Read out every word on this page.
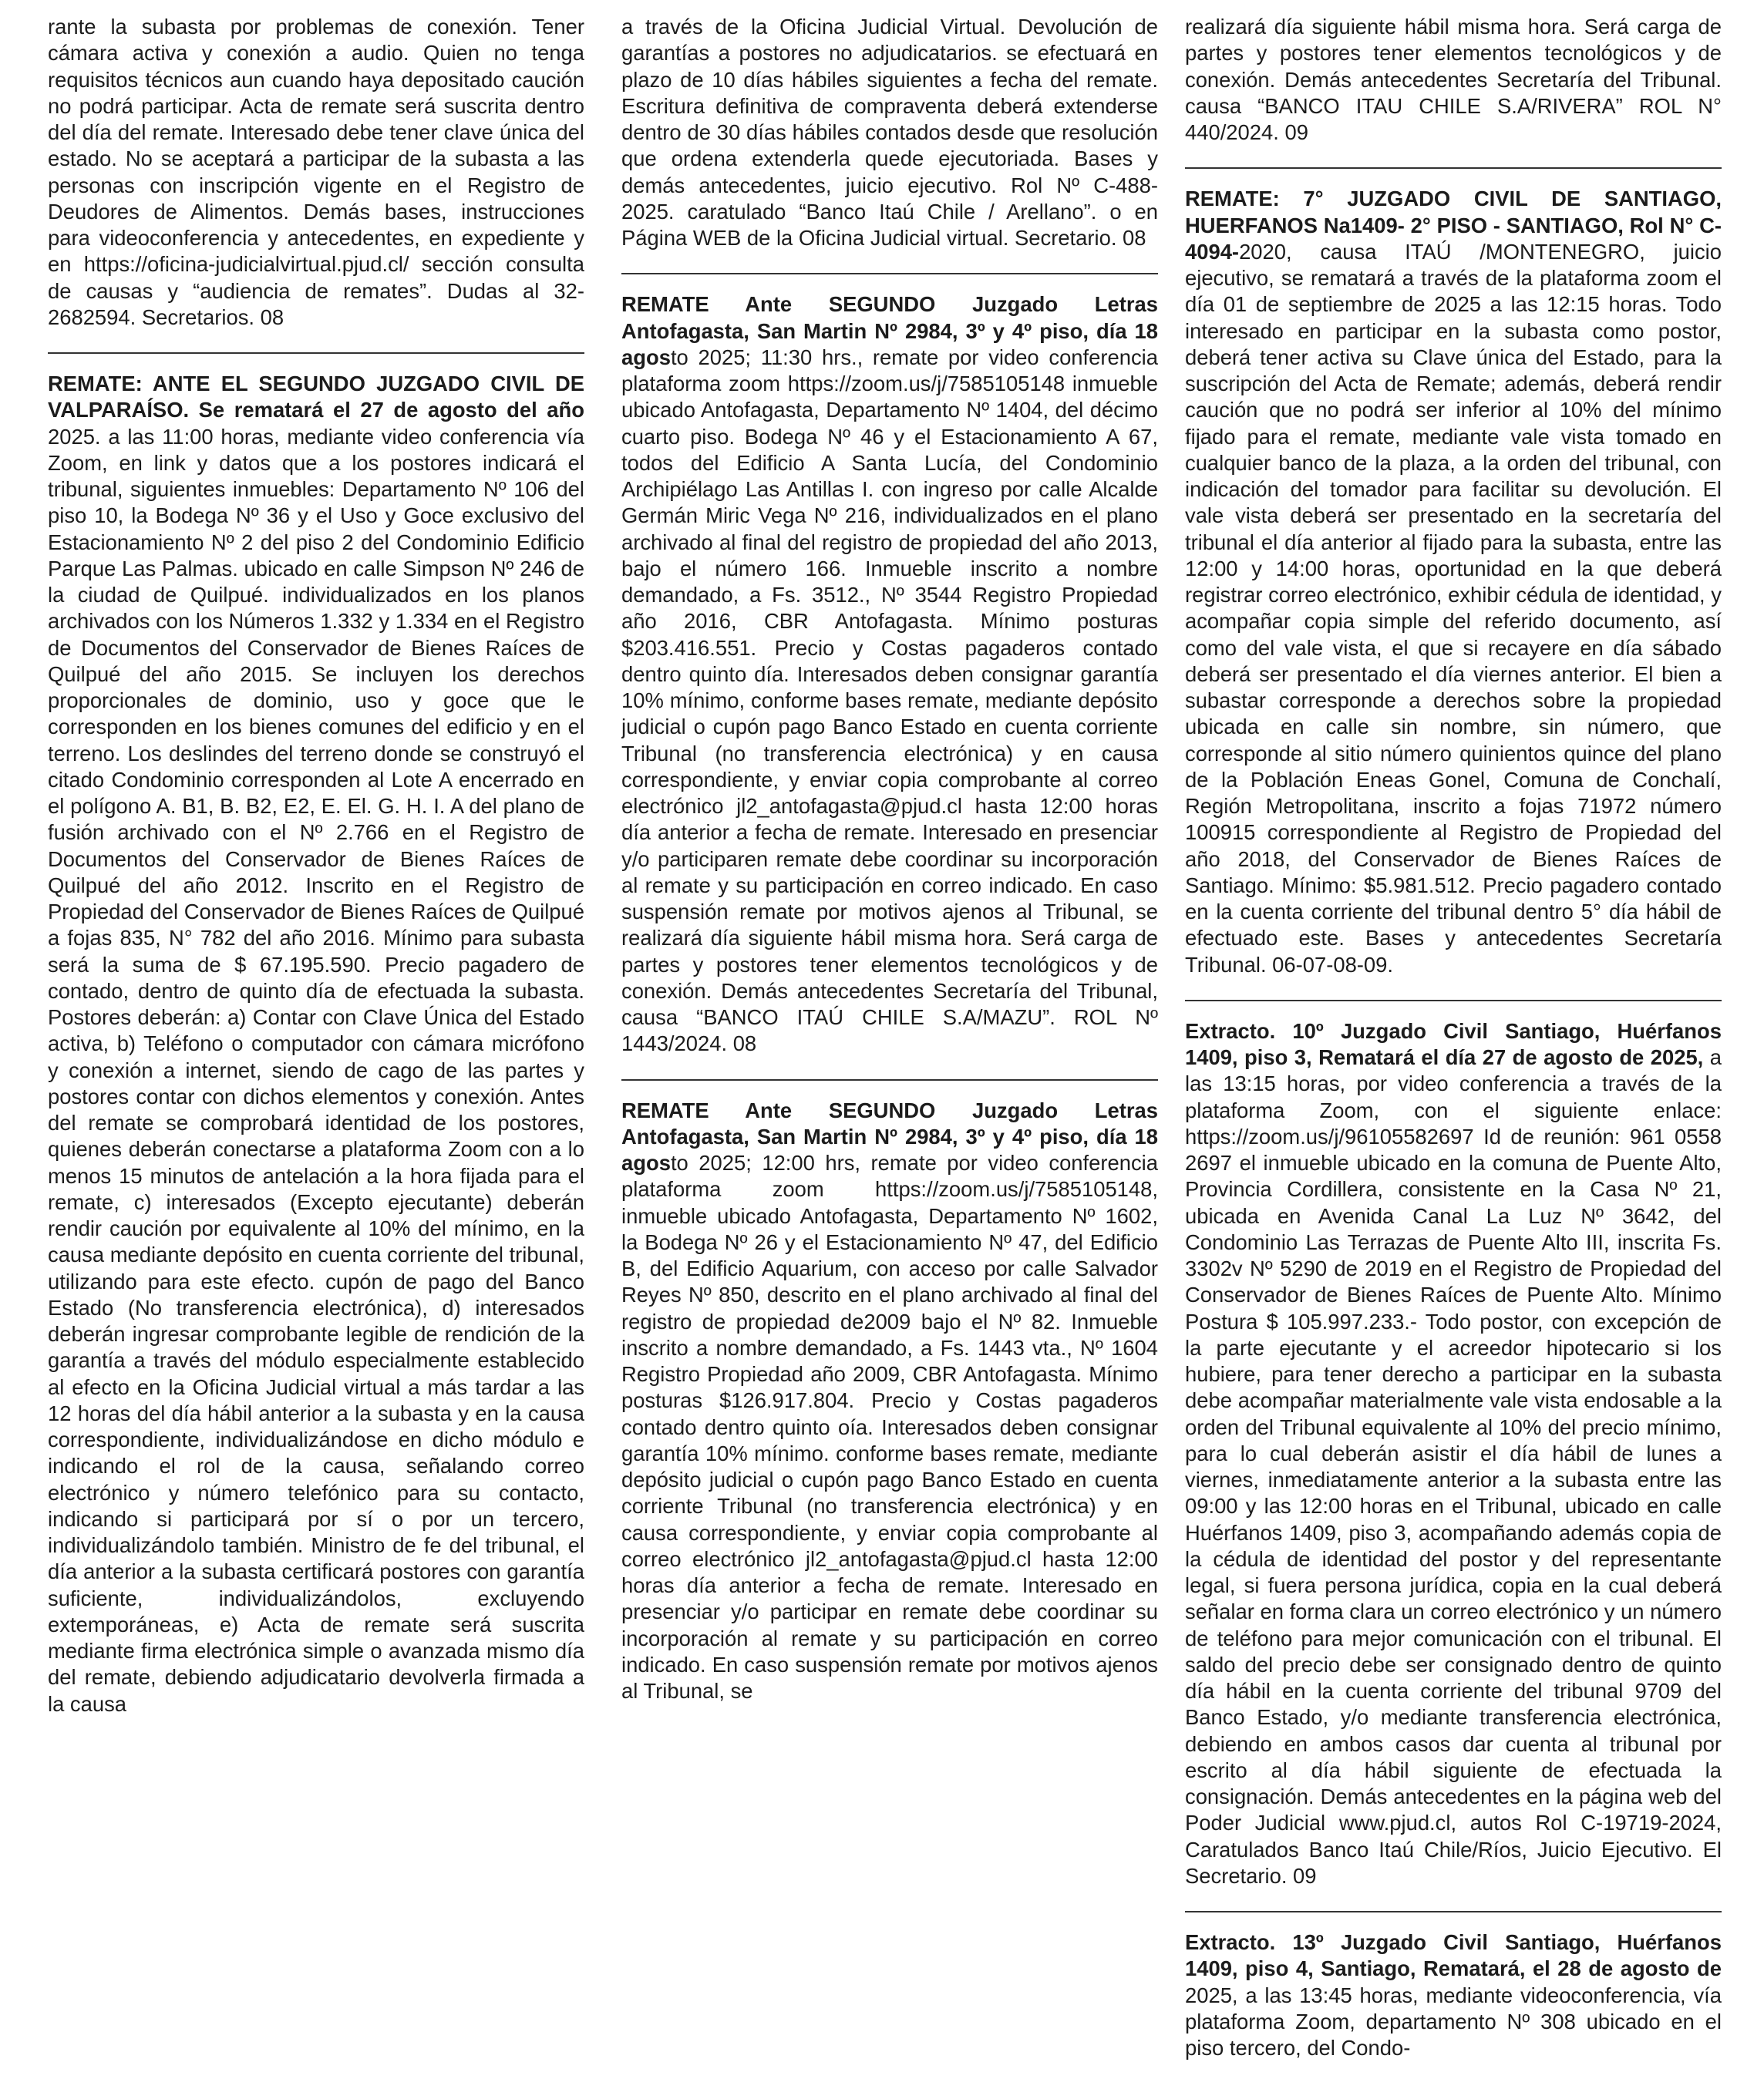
rante la subasta por problemas de conexión. Tener cámara activa y conexión a audio. Quien no tenga requisitos técnicos aun cuando haya depositado caución no podrá participar. Acta de remate será suscrita dentro del día del remate. Interesado debe tener clave única del estado. No se aceptará a participar de la subasta a las personas con inscripción vigente en el Registro de Deudores de Alimentos. Demás bases, instrucciones para videoconferencia y antecedentes, en expediente y en https://oficina-judicialvirtual.pjud.cl/ sección consulta de causas y “audiencia de remates”. Dudas al 32-2682594. Secretarios. 08

REMATE: ANTE EL SEGUNDO JUZGADO CIVIL DE VALPARAÍSO. Se rematará el 27 de agosto del año 2025. a las 11:00 horas, mediante video conferencia vía Zoom, en link y datos que a los postores indicará el tribunal, siguientes inmuebles: Departamento Nº 106 del piso 10, la Bodega Nº 36 y el Uso y Goce exclusivo del Estacionamiento Nº 2 del piso 2 del Condominio Edificio Parque Las Palmas. ubicado en calle Simpson Nº 246 de la ciudad de Quilpué. individualizados en los planos archivados con los Números 1.332 y 1.334 en el Registro de Documentos del Conservador de Bienes Raíces de Quilpué del año 2015. Se incluyen los derechos proporcionales de dominio, uso y goce que le corresponden en los bienes comunes del edificio y en el terreno. Los deslindes del terreno donde se construyó el citado Condominio corresponden al Lote A encerrado en el polígono A. B1, B. B2, E2, E. El. G. H. I. A del plano de fusión archivado con el Nº 2.766 en el Registro de Documentos del Conservador de Bienes Raíces de Quilpué del año 2012. Inscrito en el Registro de Propiedad del Conservador de Bienes Raíces de Quilpué a fojas 835, N° 782 del año 2016. Mínimo para subasta será la suma de $ 67.195.590. Precio pagadero de contado, dentro de quinto día de efectuada la subasta. Postores deberán: a) Contar con Clave Única del Estado activa, b) Teléfono o computador con cámara micrófono y conexión a internet, siendo de cago de las partes y postores contar con dichos elementos y conexión. Antes del remate se comprobará identidad de los postores, quienes deberán conectarse a plataforma Zoom con a lo menos 15 minutos de antelación a la hora fijada para el remate, c) interesados (Excepto ejecutante) deberán rendir caución por equivalente al 10% del mínimo, en la causa mediante depósito en cuenta corriente del tribunal, utilizando para este efecto. cupón de pago del Banco Estado (No transferencia electrónica), d) interesados deberán ingresar comprobante legible de rendición de la garantía a través del módulo especialmente establecido al efecto en la Oficina Judicial virtual a más tardar a las 12 horas del día hábil anterior a la subasta y en la causa correspondiente, individualizándose en dicho módulo e indicando el rol de la causa, señalando correo electrónico y número telefónico para su contacto, indicando si participará por sí o por un tercero, individualizándolo también. Ministro de fe del tribunal, el día anterior a la subasta certificará postores con garantía suficiente, individualizándolos, excluyendo extemporáneas, e) Acta de remate será suscrita mediante firma electrónica simple o avanzada mismo día del remate, debiendo adjudicatario devolverla firmada a la causa

a través de la Oficina Judicial Virtual. Devolución de garantías a postores no adjudicatarios. se efectuará en plazo de 10 días hábiles siguientes a fecha del remate. Escritura definitiva de compraventa deberá extenderse dentro de 30 días hábiles contados desde que resolución que ordena extenderla quede ejecutoriada. Bases y demás antecedentes, juicio ejecutivo. Rol Nº C-488-2025. caratulado “Banco Itaú Chile / Arellano”. o en Página WEB de la Oficina Judicial virtual. Secretario. 08

REMATE Ante SEGUNDO Juzgado Letras Antofagasta, San Martin Nº 2984, 3º y 4º piso, día 18 agosto 2025; 11:30 hrs., remate por video conferencia plataforma zoom https://zoom.us/j/7585105148 inmueble ubicado Antofagasta, Departamento Nº 1404, del décimo cuarto piso. Bodega Nº 46 y el Estacionamiento A 67, todos del Edificio A Santa Lucía, del Condominio Archipiélago Las Antillas I. con ingreso por calle Alcalde Germán Miric Vega Nº 216, individualizados en el plano archivado al final del registro de propiedad del año 2013, bajo el número 166. Inmueble inscrito a nombre demandado, a Fs. 3512., Nº 3544 Registro Propiedad año 2016, CBR Antofagasta. Mínimo posturas $203.416.551. Precio y Costas pagaderos contado dentro quinto día. Interesados deben consignar garantía 10% mínimo, conforme bases remate, mediante depósito judicial o cupón pago Banco Estado en cuenta corriente Tribunal (no transferencia electrónica) y en causa correspondiente, y enviar copia comprobante al correo electrónico jl2_antofagasta@pjud.cl hasta 12:00 horas día anterior a fecha de remate. Interesado en presenciar y/o participaren remate debe coordinar su incorporación al remate y su participación en correo indicado. En caso suspensión remate por motivos ajenos al Tribunal, se realizará día siguiente hábil misma hora. Será carga de partes y postores tener elementos tecnológicos y de conexión. Demás antecedentes Secretaría del Tribunal, causa “BANCO ITAÚ CHILE S.A/MAZU”. ROL Nº 1443/2024. 08

REMATE Ante SEGUNDO Juzgado Letras Antofagasta, San Martin Nº 2984, 3º y 4º piso, día 18 agosto 2025; 12:00 hrs, remate por video conferencia plataforma zoom https://zoom.us/j/7585105148, inmueble ubicado Antofagasta, Departamento Nº 1602, la Bodega Nº 26 y el Estacionamiento Nº 47, del Edificio B, del Edificio Aquarium, con acceso por calle Salvador Reyes Nº 850, descrito en el plano archivado al final del registro de propiedad de2009 bajo el Nº 82. Inmueble inscrito a nombre demandado, a Fs. 1443 vta., Nº 1604 Registro Propiedad año 2009, CBR Antofagasta. Mínimo posturas $126.917.804. Precio y Costas pagaderos contado dentro quinto oía. Interesados deben consignar garantía 10% mínimo. conforme bases remate, mediante depósito judicial o cupón pago Banco Estado en cuenta corriente Tribunal (no transferencia electrónica) y en causa correspondiente, y enviar copia comprobante al correo electrónico jl2_antofagasta@pjud.cl hasta 12:00 horas día anterior a fecha de remate. Interesado en presenciar y/o participar en remate debe coordinar su incorporación al remate y su participación en correo indicado. En caso suspensión remate por motivos ajenos al Tribunal, se

realizará día siguiente hábil misma hora. Será carga de partes y postores tener elementos tecnológicos y de conexión. Demás antecedentes Secretaría del Tribunal. causa “BANCO ITAU CHILE S.A/RIVERA” ROL N° 440/2024. 09

REMATE: 7° JUZGADO CIVIL DE SANTIAGO, HUERFANOS Na1409- 2° PISO - SANTIAGO, Rol N° C-4094-2020, causa ITAÚ /MONTENEGRO, juicio ejecutivo, se rematará a través de la plataforma zoom el día 01 de septiembre de 2025 a las 12:15 horas. Todo interesado en participar en la subasta como postor, deberá tener activa su Clave única del Estado, para la suscripción del Acta de Remate; además, deberá rendir caución que no podrá ser inferior al 10% del mínimo fijado para el remate, mediante vale vista tomado en cualquier banco de la plaza, a la orden del tribunal, con indicación del tomador para facilitar su devolución. El vale vista deberá ser presentado en la secretaría del tribunal el día anterior al fijado para la subasta, entre las 12:00 y 14:00 horas, oportunidad en la que deberá registrar correo electrónico, exhibir cédula de identidad, y acompañar copia simple del referido documento, así como del vale vista, el que si recayere en día sábado deberá ser presentado el día viernes anterior. El bien a subastar corresponde a derechos sobre la propiedad ubicada en calle sin nombre, sin número, que corresponde al sitio número quinientos quince del plano de la Población Eneas Gonel, Comuna de Conchalí, Región Metropolitana, inscrito a fojas 71972 número 100915 correspondiente al Registro de Propiedad del año 2018, del Conservador de Bienes Raíces de Santiago. Mínimo: $5.981.512. Precio pagadero contado en la cuenta corriente del tribunal dentro 5° día hábil de efectuado este. Bases y antecedentes Secretaría Tribunal. 06-07-08-09.

Extracto. 10º Juzgado Civil Santiago, Huérfanos 1409, piso 3, Rematará el día 27 de agosto de 2025, a las 13:15 horas, por video conferencia a través de la plataforma Zoom, con el siguiente enlace: https://zoom.us/j/96105582697 Id de reunión: 961 0558 2697 el inmueble ubicado en la comuna de Puente Alto, Provincia Cordillera, consistente en la Casa Nº 21, ubicada en Avenida Canal La Luz Nº 3642, del Condominio Las Terrazas de Puente Alto III, inscrita Fs. 3302v Nº 5290 de 2019 en el Registro de Propiedad del Conservador de Bienes Raíces de Puente Alto. Mínimo Postura $ 105.997.233.- Todo postor, con excepción de la parte ejecutante y el acreedor hipotecario si los hubiere, para tener derecho a participar en la subasta debe acompañar materialmente vale vista endosable a la orden del Tribunal equivalente al 10% del precio mínimo, para lo cual deberán asistir el día hábil de lunes a viernes, inmediatamente anterior a la subasta entre las 09:00 y las 12:00 horas en el Tribunal, ubicado en calle Huérfanos 1409, piso 3, acompañando además copia de la cédula de identidad del postor y del representante legal, si fuera persona jurídica, copia en la cual deberá señalar en forma clara un correo electrónico y un número de teléfono para mejor comunicación con el tribunal. El saldo del precio debe ser consignado dentro de quinto día hábil en la cuenta corriente del tribunal 9709 del Banco Estado, y/o mediante transferencia electrónica, debiendo en ambos casos dar cuenta al tribunal por escrito al día hábil siguiente de efectuada la consignación. Demás antecedentes en la página web del Poder Judicial www.pjud.cl, autos Rol C-19719-2024, Caratulados Banco Itaú Chile/Ríos, Juicio Ejecutivo. El Secretario. 09

Extracto. 13º Juzgado Civil Santiago, Huérfanos 1409, piso 4, Santiago, Rematará, el 28 de agosto de 2025, a las 13:45 horas, mediante videoconferencia, vía plataforma Zoom, departamento Nº 308 ubicado en el piso tercero, del Condo-
